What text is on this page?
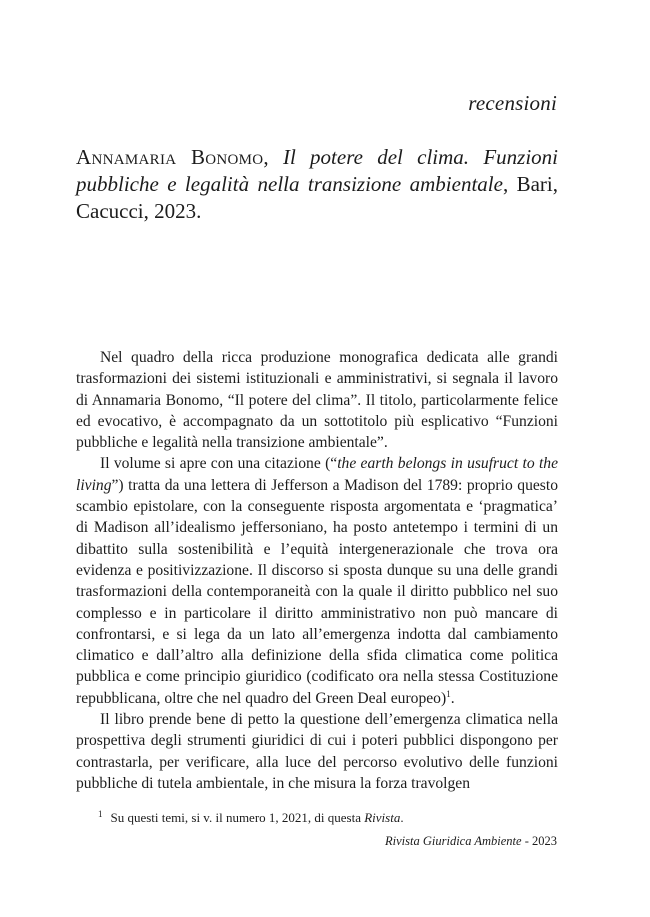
recensioni
Annamaria Bonomo, Il potere del clima. Funzioni pubbliche e legalità nella transizione ambientale, Bari, Cacucci, 2023.

Nel quadro della ricca produzione monografica dedicata alle grandi trasformazioni dei sistemi istituzionali e amministrativi, si segnala il lavoro di Annamaria Bonomo, “Il potere del clima”. Il titolo, particolarmente felice ed evocativo, è accompagnato da un sottotitolo più esplicativo “Funzioni pubbliche e legalità nella transizione ambientale”.

Il volume si apre con una citazione (“the earth belongs in usufruct to the living”) tratta da una lettera di Jefferson a Madison del 1789: proprio questo scambio epistolare, con la conseguente risposta argomentata e ‘pragmatica’ di Madison all’idealismo jeffersoniano, ha posto antetempo i termini di un dibattito sulla sostenibilità e l’equità intergenerazionale che trova ora evidenza e positivizzazione. Il discorso si sposta dunque su una delle grandi trasformazioni della contemporaneità con la quale il diritto pubblico nel suo complesso e in particolare il diritto amministrativo non può mancare di confrontarsi, e si lega da un lato all’emergenza indotta dal cambiamento climatico e dall’altro alla definizione della sfida climatica come politica pubblica e come principio giuridico (codificato ora nella stessa Costituzione repubblicana, oltre che nel quadro del Green Deal europeo)$^1$.

Il libro prende bene di petto la questione dell’emergenza climatica nella prospettiva degli strumenti giuridici di cui i poteri pubblici dispongono per contrastarla, per verificare, alla luce del percorso evolutivo delle funzioni pubbliche di tutela ambientale, in che misura la forza travolgen

$^1$ Su questi temi, si v. il numero 1, 2021, di questa Rivista.
Rivista Giuridica Ambiente - 2023
